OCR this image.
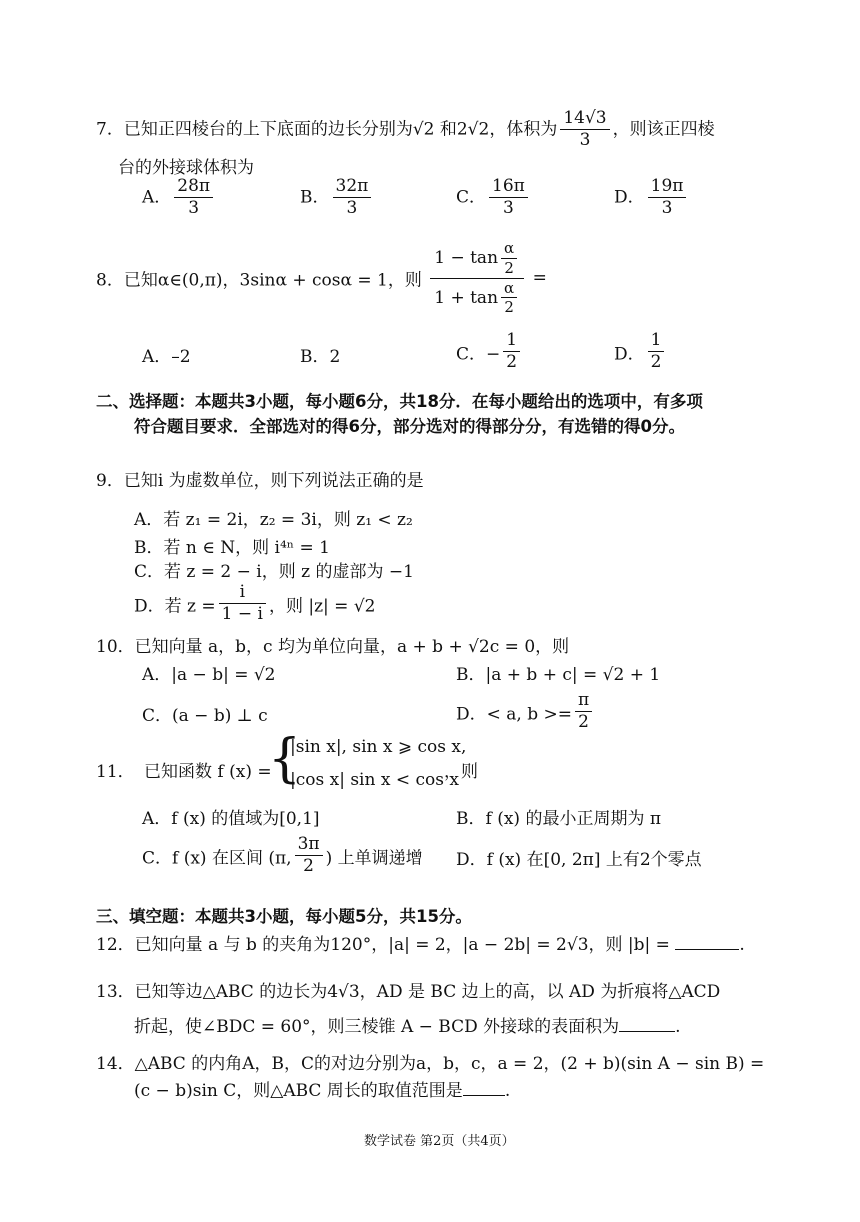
7．已知正四棱台的上下底面的边长分别为√2 和2√2，体积为 $\frac{14√3}{3}$ ，则该正四棱
台的外接球体积为
A． $\frac{28\pi}{3}$	B． $\frac{32\pi}{3}$	C． $\frac{16\pi}{3}$	D． $\frac{19\pi}{3}$
8．已知α∈(0,π)，3sinα + cosα = 1，则 $\frac{1 - \tan \frac{\alpha}{2}}{1 + \tan \frac{\alpha}{2}}$ =
A．–2	B．2	C．− $\frac{1}{2}$	D． $\frac{1}{2}$
二、选择题：本题共3小题，每小题6分，共18分．在每小题给出的选项中，有多项
符合题目要求．全部选对的得6分，部分选对的得部分分，有选错的得0分。
9．已知i 为虚数单位，则下列说法正确的是
A．若 z₁ = 2i，z₂ = 3i，则 z₁ < z₂
B．若 n ∈ N，则 i⁴ⁿ = 1
C．若 z = 2 − i，则 z 的虚部为 −1
D．若 $z = \frac{i}{1 - i}$ ，则 |z| = √2
10．已知向量 a，b，c 均为单位向量，a + b + √2c = 0，则
A．|a − b| = √2	B．|a + b + c| = √2 + 1
C．(a − b) ⊥ c	D．< a, $b >= \frac{\pi}{2}$
11． 已知函数 f (x) =
{
|sin x|, sin x ⩾ cos x,
|cos x| sin x < cos x
，则
A．f (x) 的值域为[0,1]	B．f (x) 的最小正周期为 π
C．f (x) 在区间 (π, $\frac{3\pi}{2}$ ) 上单调递增 D．f (x) 在[0, 2π] 上有2个零点
三、填空题：本题共3小题，每小题5分，共15分。
12．已知向量 a 与 b 的夹角为120°，|a| = 2，|a − 2b| = 2√3，则 |b| =	.
13．已知等边△ABC 的边长为4√3，AD 是 BC 边上的高，以 AD 为折痕将△ACD
折起，使∠BDC = 60°，则三棱锥 A − BCD 外接球的表面积为	.
14．△ABC 的内角A，B，C的对边分别为a，b，c，a = 2，(2 + b)(sin A − sin B) =
(c − b)sin C，则△ABC 周长的取值范围是 .
数学试卷 第2页（共4页）
